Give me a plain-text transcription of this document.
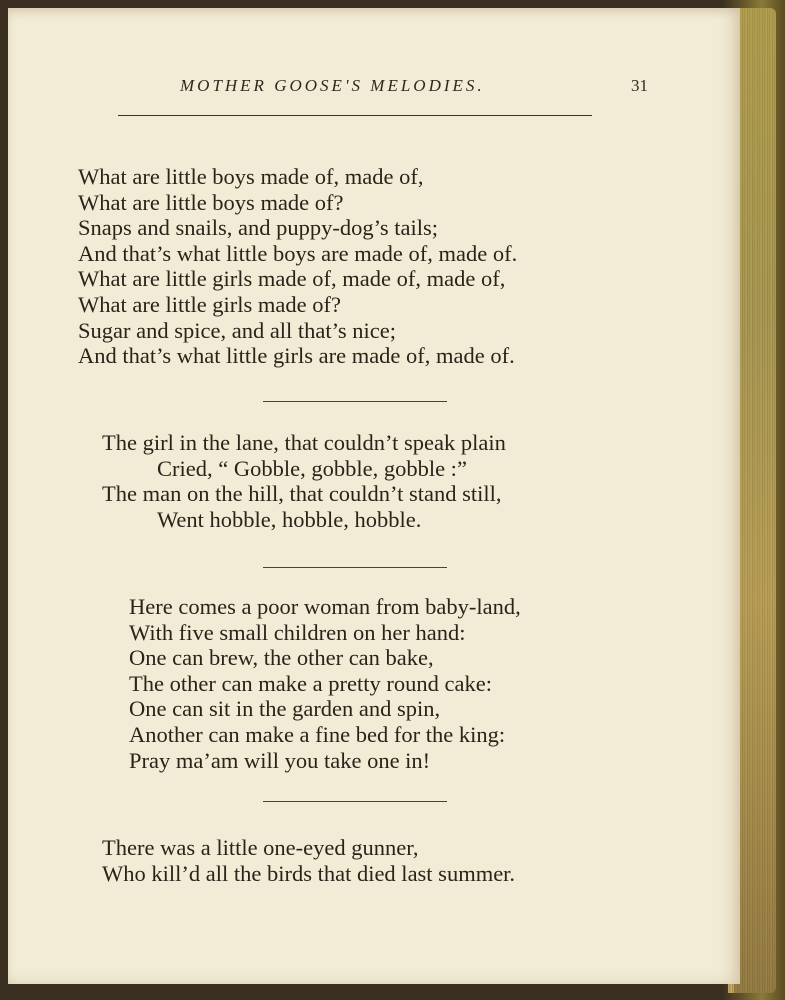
MOTHER GOOSE'S MELODIES.	31
What are little boys made of, made of,
What are little boys made of?
Snaps and snails, and puppy-dog’s tails;
And that’s what little boys are made of, made of.
What are little girls made of, made of, made of,
What are little girls made of?
Sugar and spice, and all that’s nice;
And that’s what little girls are made of, made of.
The girl in the lane, that couldn’t speak plain
Cried, “ Gobble, gobble, gobble :”
The man on the hill, that couldn’t stand still,
Went hobble, hobble, hobble.
Here comes a poor woman from baby-land,
With five small children on her hand:
One can brew, the other can bake,
The other can make a pretty round cake:
One can sit in the garden and spin,
Another can make a fine bed for the king:
Pray ma’am will you take one in!
There was a little one-eyed gunner,
Who kill’d all the birds that died last summer.
